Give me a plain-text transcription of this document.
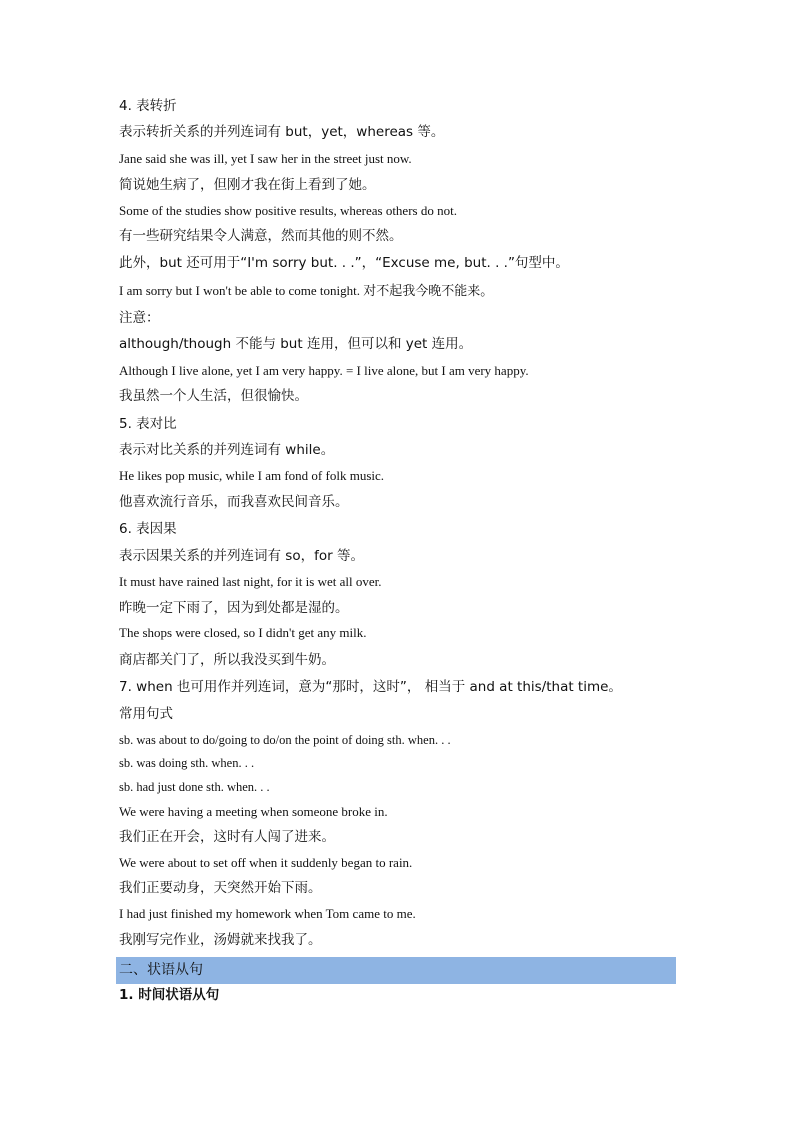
4. 表转折
表示转折关系的并列连词有 but，yet，whereas 等。
Jane said she was ill, yet I saw her in the street just now.
简说她生病了，但刚才我在街上看到了她。
Some of the studies show positive results, whereas others do not.
有一些研究结果令人满意，然而其他的则不然。
此外，but 还可用于“I'm sorry but. . .”，“Excuse me, but. . .”句型中。
I am sorry but I won't be able to come tonight. 对不起我今晚不能来。
注意：
although/though 不能与 but 连用，但可以和 yet 连用。
Although I live alone, yet I am very happy. = I live alone, but I am very happy.
我虽然一个人生活，但很愉快。
5. 表对比
表示对比关系的并列连词有 while。
He likes pop music, while I am fond of folk music.
他喜欢流行音乐，而我喜欢民间音乐。
6. 表因果
表示因果关系的并列连词有 so，for 等。
It must have rained last night, for it is wet all over.
昨晚一定下雨了，因为到处都是湿的。
The shops were closed, so I didn't get any milk.
商店都关门了，所以我没买到牛奶。
7. when 也可用作并列连词，意为“那时，这时”， 相当于 and at this/that time。
常用句式
sb. was about to do/going to do/on the point of doing sth. when. . .
sb. was doing sth. when. . .
sb. had just done sth. when. . .
We were having a meeting when someone broke in.
我们正在开会，这时有人闯了进来。
We were about to set off when it suddenly began to rain.
我们正要动身，天突然开始下雨。
I had just finished my homework when Tom came to me.
我刚写完作业，汤姆就来找我了。
二、状语从句
1. 时间状语从句
